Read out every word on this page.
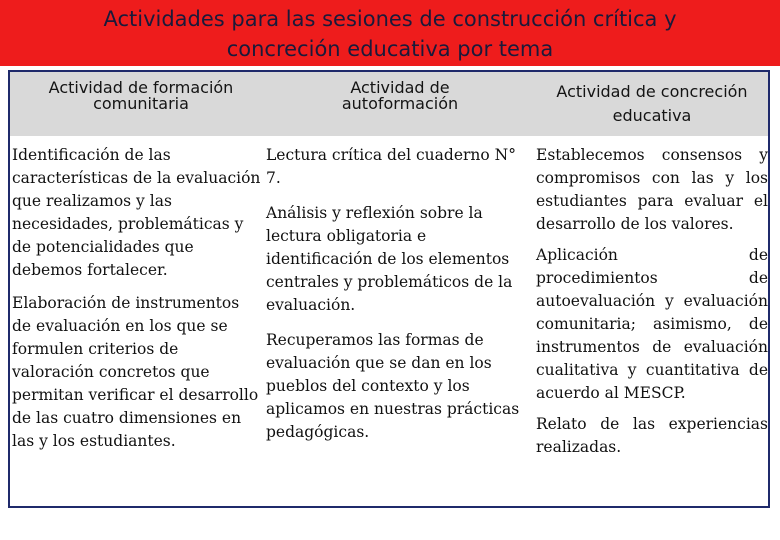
Actividades para las sesiones de construcción crítica y
concreción educativa por tema
Actividad de formación
comunitaria
Actividad de
autoformación
Actividad de concreción
educativa

Identificación de las características de la evaluación que realizamos y las necesidades, problemáticas y de potencialidades que debemos fortalecer.

Elaboración de instrumentos de evaluación en los que se formulen criterios de valoración concretos que permitan verificar el desarrollo de las cuatro dimensiones en las y los estudiantes.

Lectura crítica del cuaderno N° 7.

Análisis y reflexión sobre la lectura obligatoria e identificación de los elementos centrales y problemáticos de la evaluación.

Recuperamos las formas de evaluación que se dan en los pueblos del contexto y los aplicamos en nuestras prácticas pedagógicas.

Establecemos consensos y compromisos con las y los estudiantes para evaluar el desarrollo de los valores.

Aplicación de procedimientos de autoevaluación y evaluación comunitaria; asimismo, de instrumentos de evaluación cualitativa y cuantitativa de acuerdo al MESCP.

Relato de las experiencias realizadas.
